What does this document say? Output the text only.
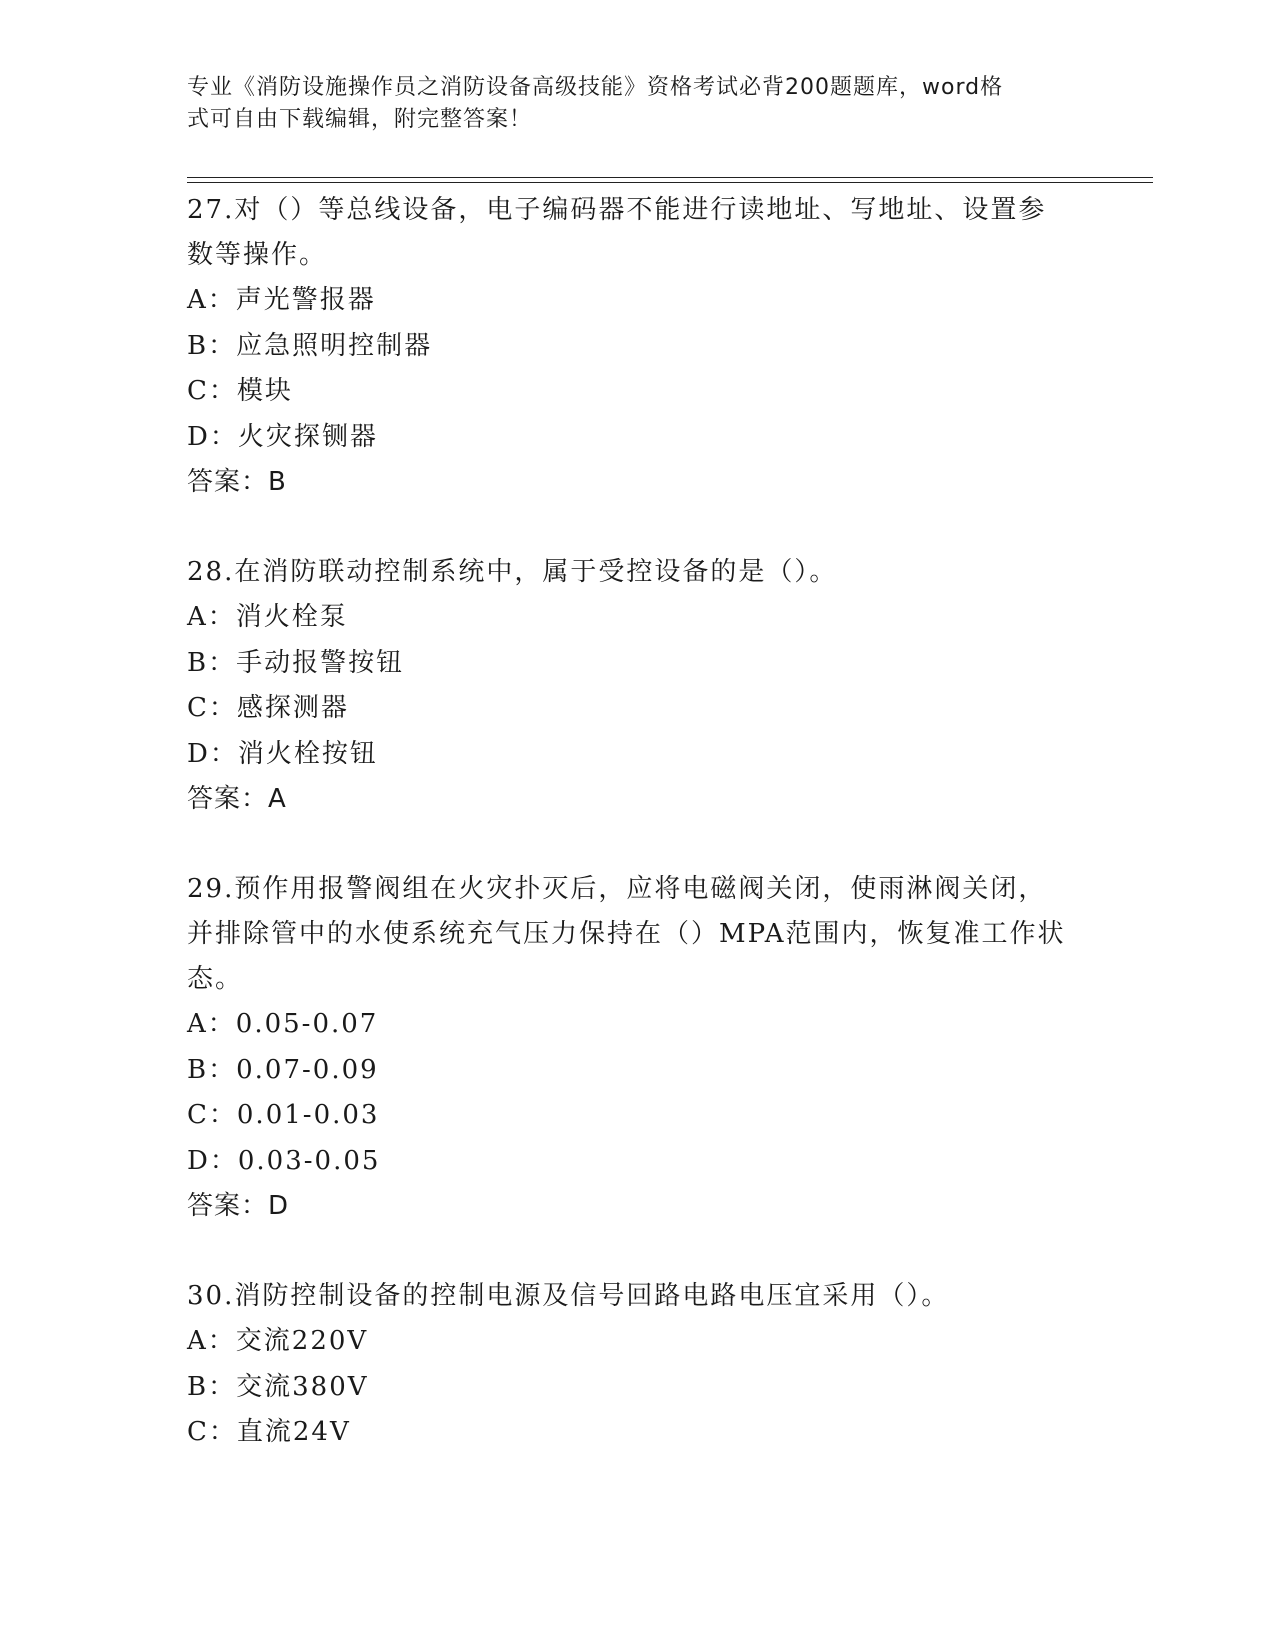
专业《消防设施操作员之消防设备高级技能》资格考试必背200题题库，word格
式可自由下载编辑，附完整答案！
27.对（）等总线设备，电子编码器不能进行读地址、写地址、设置参
数等操作。
A：声光警报器
B：应急照明控制器
C：模块
D：火灾探铡器
答案：B
28.在消防联动控制系统中，属于受控设备的是（）。
A：消火栓泵
B：手动报警按钮
C：感探测器
D：消火栓按钮
答案：A
29.预作用报警阀组在火灾扑灭后，应将电磁阀关闭，使雨淋阀关闭，
并排除管中的水使系统充气压力保持在（）MPA范围内，恢复准工作状
态。
A：0.05-0.07
B：0.07-0.09
C：0.01-0.03
D：0.03-0.05
答案：D
30.消防控制设备的控制电源及信号回路电路电压宜采用（）。
A：交流220V
B：交流380V
C：直流24V
